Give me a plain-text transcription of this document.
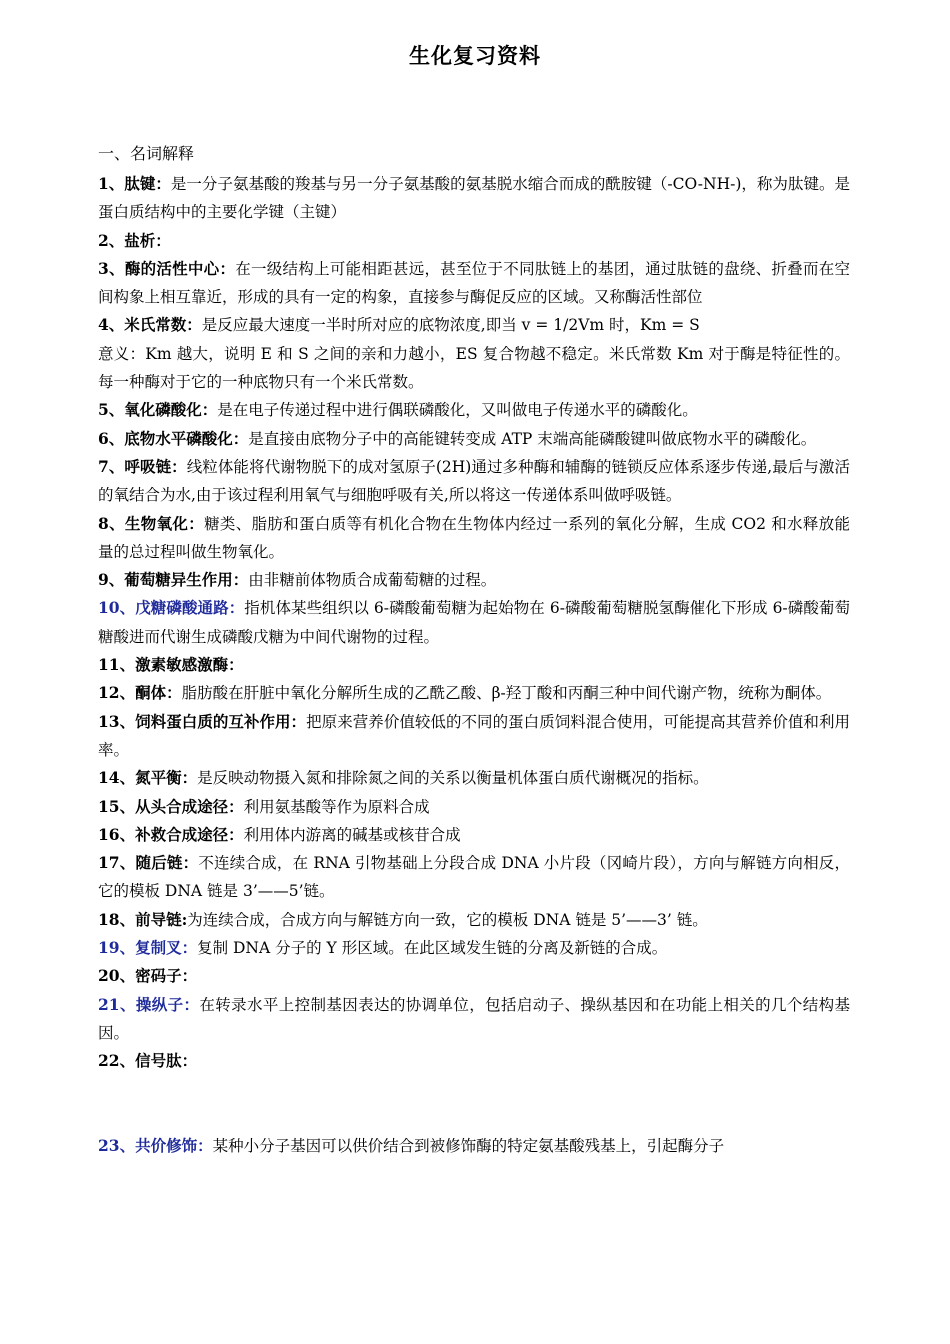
生化复习资料
一、名词解释
1、肽键：是一分子氨基酸的羧基与另一分子氨基酸的氨基脱水缩合而成的酰胺键（-CO-NH-)，称为肽键。是蛋白质结构中的主要化学键（主键）
2、盐析：
3、酶的活性中心：在一级结构上可能相距甚远，甚至位于不同肽链上的基团，通过肽链的盘绕、折叠而在空间构象上相互靠近，形成的具有一定的构象，直接参与酶促反应的区域。又称酶活性部位
4、米氏常数：是反应最大速度一半时所对应的底物浓度,即当 v = 1/2Vm 时，Km = S
意义：Km 越大，说明 E 和 S 之间的亲和力越小，ES 复合物越不稳定。米氏常数 Km 对于酶是特征性的。每一种酶对于它的一种底物只有一个米氏常数。
5、氧化磷酸化：是在电子传递过程中进行偶联磷酸化，又叫做电子传递水平的磷酸化。
6、底物水平磷酸化：是直接由底物分子中的高能键转变成 ATP 末端高能磷酸键叫做底物水平的磷酸化。
7、呼吸链：线粒体能将代谢物脱下的成对氢原子(2H)通过多种酶和辅酶的链锁反应体系逐步传递,最后与激活的氧结合为水,由于该过程利用氧气与细胞呼吸有关,所以将这一传递体系叫做呼吸链。
8、生物氧化：糖类、脂肪和蛋白质等有机化合物在生物体内经过一系列的氧化分解，生成 CO2 和水释放能量的总过程叫做生物氧化。
9、葡萄糖异生作用：由非糖前体物质合成葡萄糖的过程。
10、戊糖磷酸通路：指机体某些组织以 6-磷酸葡萄糖为起始物在 6-磷酸葡萄糖脱氢酶催化下形成 6-磷酸葡萄糖酸进而代谢生成磷酸戊糖为中间代谢物的过程。
11、激素敏感激酶：
12、酮体：脂肪酸在肝脏中氧化分解所生成的乙酰乙酸、β-羟丁酸和丙酮三种中间代谢产物，统称为酮体。
13、饲料蛋白质的互补作用：把原来营养价值较低的不同的蛋白质饲料混合使用，可能提高其营养价值和利用率。
14、氮平衡：是反映动物摄入氮和排除氮之间的关系以衡量机体蛋白质代谢概况的指标。
15、从头合成途径：利用氨基酸等作为原料合成
16、补救合成途径：利用体内游离的碱基或核苷合成
17、随后链：不连续合成，在 RNA 引物基础上分段合成 DNA 小片段（冈崎片段），方向与解链方向相反，它的模板 DNA 链是 3’——5’链。
18、前导链:为连续合成，合成方向与解链方向一致，它的模板 DNA 链是 5’——3’ 链。
19、复制叉：复制 DNA 分子的 Y 形区域。在此区域发生链的分离及新链的合成。
20、密码子：
21、操纵子：在转录水平上控制基因表达的协调单位，包括启动子、操纵基因和在功能上相关的几个结构基因。
22、信号肽：
23、共价修饰：某种小分子基因可以供价结合到被修饰酶的特定氨基酸残基上，引起酶分子
